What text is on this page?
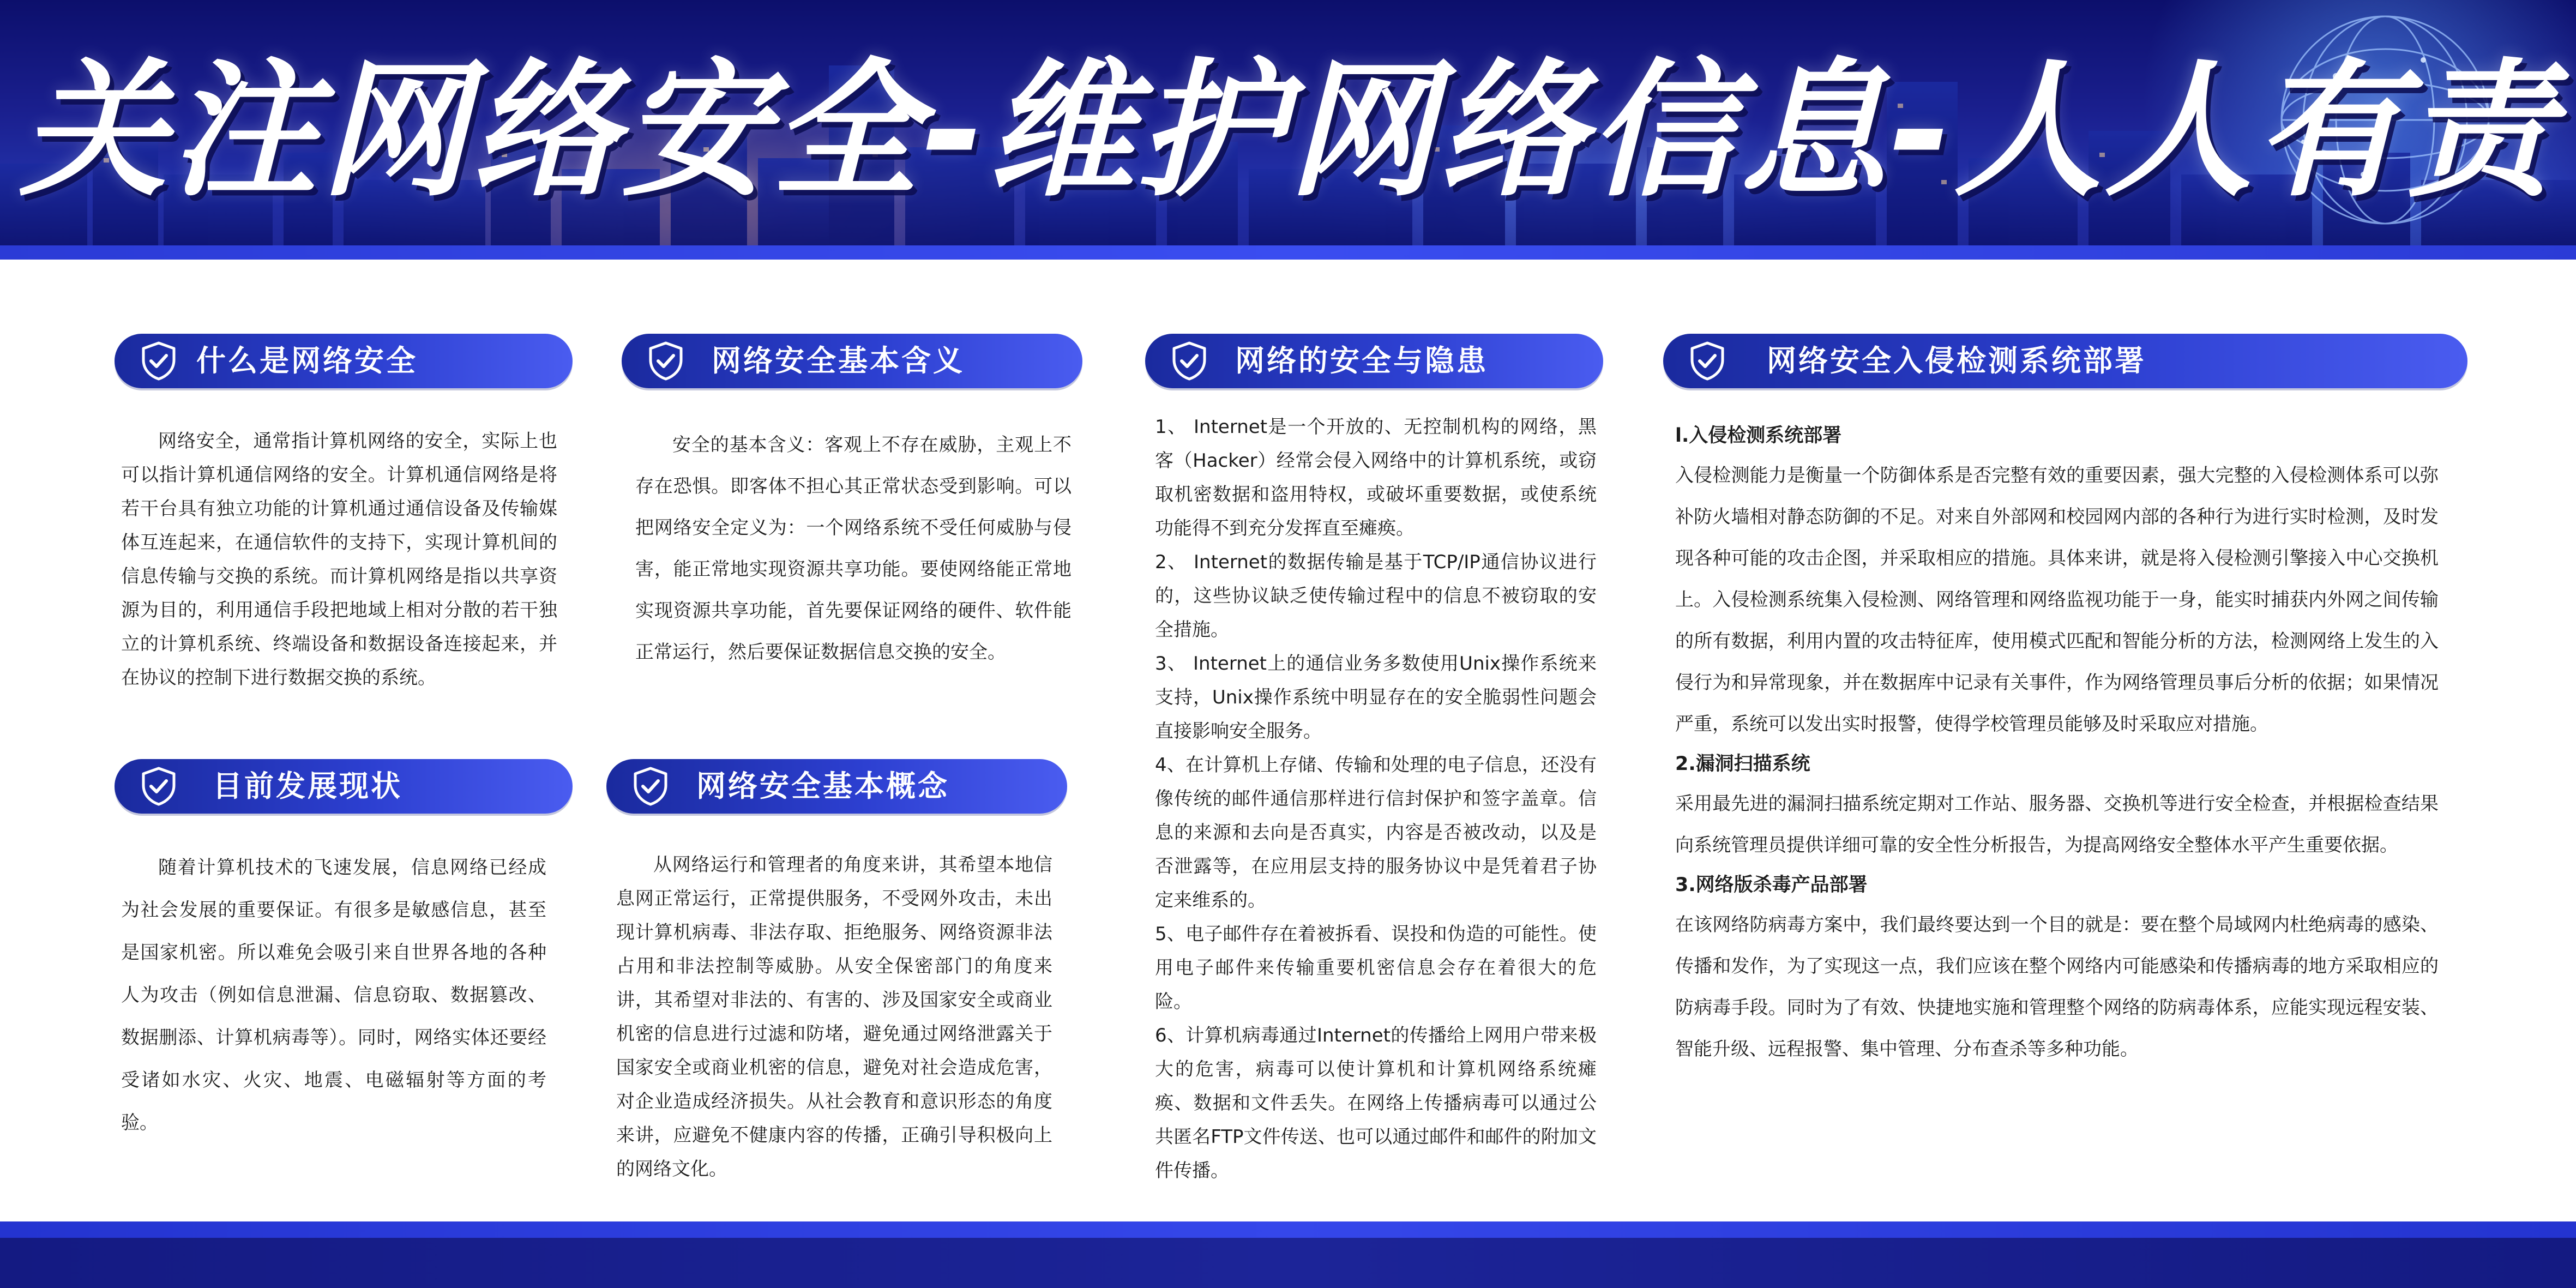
关注网络安全-维护网络信息-人人有责
什么是网络安全
网络安全，通常指计算机网络的安全，实际上也可以指计算机通信网络的安全。计算机通信网络是将若干台具有独立功能的计算机通过通信设备及传输媒体互连起来，在通信软件的支持下，实现计算机间的信息传输与交换的系统。而计算机网络是指以共享资源为目的，利用通信手段把地域上相对分散的若干独立的计算机系统、终端设备和数据设备连接起来，并在协议的控制下进行数据交换的系统。
目前发展现状
随着计算机技术的飞速发展，信息网络已经成为社会发展的重要保证。有很多是敏感信息，甚至是国家机密。所以难免会吸引来自世界各地的各种人为攻击（例如信息泄漏、信息窃取、数据篡改、数据删添、计算机病毒等）。同时，网络实体还要经受诸如水灾、火灾、地震、电磁辐射等方面的考验。
网络安全基本含义
安全的基本含义：客观上不存在威胁，主观上不存在恐惧。即客体不担心其正常状态受到影响。可以把网络安全定义为：一个网络系统不受任何威胁与侵害，能正常地实现资源共享功能。要使网络能正常地实现资源共享功能，首先要保证网络的硬件、软件能正常运行，然后要保证数据信息交换的安全。
网络安全基本概念
从网络运行和管理者的角度来讲，其希望本地信息网正常运行，正常提供服务，不受网外攻击，未出现计算机病毒、非法存取、拒绝服务、网络资源非法占用和非法控制等威胁。从安全保密部门的角度来讲，其希望对非法的、有害的、涉及国家安全或商业机密的信息进行过滤和防堵，避免通过网络泄露关于国家安全或商业机密的信息，避免对社会造成危害，对企业造成经济损失。从社会教育和意识形态的角度来讲，应避免不健康内容的传播，正确引导积极向上的网络文化。
网络的安全与隐患
1、 Internet是一个开放的、无控制机构的网络，黑客（Hacker）经常会侵入网络中的计算机系统，或窃取机密数据和盗用特权，或破坏重要数据，或使系统功能得不到充分发挥直至瘫痪。
2、 Internet的数据传输是基于TCP/IP通信协议进行的，这些协议缺乏使传输过程中的信息不被窃取的安全措施。
3、 Internet上的通信业务多数使用Unix操作系统来支持，Unix操作系统中明显存在的安全脆弱性问题会直接影响安全服务。
4、在计算机上存储、传输和处理的电子信息，还没有像传统的邮件通信那样进行信封保护和签字盖章。信息的来源和去向是否真实，内容是否被改动，以及是否泄露等，在应用层支持的服务协议中是凭着君子协定来维系的。
5、电子邮件存在着被拆看、误投和伪造的可能性。使用电子邮件来传输重要机密信息会存在着很大的危险。
6、计算机病毒通过Internet的传播给上网用户带来极大的危害，病毒可以使计算机和计算机网络系统瘫痪、数据和文件丢失。在网络上传播病毒可以通过公共匿名FTP文件传送、也可以通过邮件和邮件的附加文件传播。
网络安全入侵检测系统部署
l.入侵检测系统部署
入侵检测能力是衡量一个防御体系是否完整有效的重要因素，强大完整的入侵检测体系可以弥补防火墙相对静态防御的不足。对来自外部网和校园网内部的各种行为进行实时检测，及时发现各种可能的攻击企图，并采取相应的措施。具体来讲，就是将入侵检测引擎接入中心交换机上。入侵检测系统集入侵检测、网络管理和网络监视功能于一身，能实时捕获内外网之间传输的所有数据，利用内置的攻击特征库，使用模式匹配和智能分析的方法，检测网络上发生的入侵行为和异常现象，并在数据库中记录有关事件，作为网络管理员事后分析的依据；如果情况严重，系统可以发出实时报警，使得学校管理员能够及时采取应对措施。
2.漏洞扫描系统
采用最先进的漏洞扫描系统定期对工作站、服务器、交换机等进行安全检查，并根据检查结果向系统管理员提供详细可靠的安全性分析报告，为提高网络安全整体水平产生重要依据。
3.网络版杀毒产品部署
在该网络防病毒方案中，我们最终要达到一个目的就是：要在整个局域网内杜绝病毒的感染、传播和发作，为了实现这一点，我们应该在整个网络内可能感染和传播病毒的地方采取相应的防病毒手段。同时为了有效、快捷地实施和管理整个网络的防病毒体系，应能实现远程安装、智能升级、远程报警、集中管理、分布查杀等多种功能。
